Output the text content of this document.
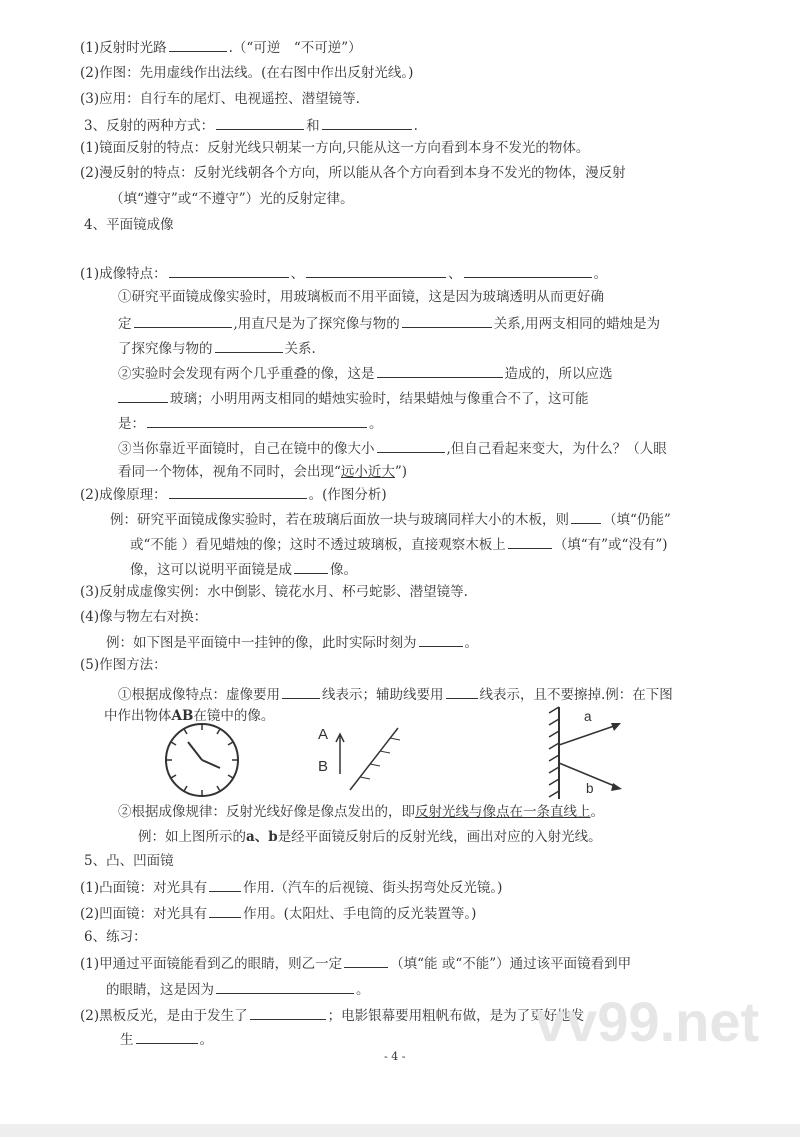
(1)反射时光路	.（“可逆　“不可逆”）
(2)作图：先用虚线作出法线。(在右图中作出反射光线。)
(3)应用：自行车的尾灯、电视遥控、潜望镜等.
3、反射的两种方式：	和	.
(1)镜面反射的特点：反射光线只朝某一方向,只能从这一方向看到本身不发光的物体。
(2)漫反射的特点：反射光线朝各个方向，所以能从各个方向看到本身不发光的物体，漫反射
（填“遵守”或“不遵守”）光的反射定律。
4、平面镜成像
(1)成像特点：	、	、	。
①研究平面镜成像实验时，用玻璃板而不用平面镜，这是因为玻璃透明从而更好确
定	,用直尺是为了探究像与物的	关系,用两支相同的蜡烛是为
了探究像与物的	关系.
②实验时会发现有两个几乎重叠的像，这是	造成的，所以应选
玻璃；小明用两支相同的蜡烛实验时，结果蜡烛与像重合不了，这可能
是：	。
③当你靠近平面镜时，自己在镜中的像大小	,但自己看起来变大，为什么？（人眼
看同一个物体，视角不同时，会出现“远小近大”)
(2)成像原理：	。(作图分析)
例：研究平面镜成像实验时，若在玻璃后面放一块与玻璃同样大小的木板，则	（填“仍能”
或“不能 ）看见蜡烛的像；这时不透过玻璃板，直接观察木板上	（填“有”或“没有”)
像，这可以说明平面镜是成	像。
(3)反射成虚像实例：水中倒影、镜花水月、杯弓蛇影、潜望镜等.
(4)像与物左右对换：
例：如下图是平面镜中一挂钟的像，此时实际时刻为	。
(5)作图方法：
①根据成像特点：虚像要用	线表示；辅助线要用	线表示，且不要擦掉.例：在下图
中作出物体AB在镜中的像。
A
B
a
b
②根据成像规律：反射光线好像是像点发出的，即反射光线与像点在一条直线上。
例：如上图所示的a、b是经平面镜反射后的反射光线，画出对应的入射光线。
5、凸、凹面镜
(1)凸面镜：对光具有	作用.（汽车的后视镜、街头拐弯处反光镜。)
(2)凹面镜：对光具有	作用。(太阳灶、手电筒的反光装置等。)
6、练习：
(1)甲通过平面镜能看到乙的眼睛，则乙一定	（填“能 或“不能”）通过该平面镜看到甲
的眼睛，这是因为	。
(2)黑板反光，是由于发生了	；电影银幕要用粗帆布做，是为了更好地发
生	。	vv99.net
- 4 -
